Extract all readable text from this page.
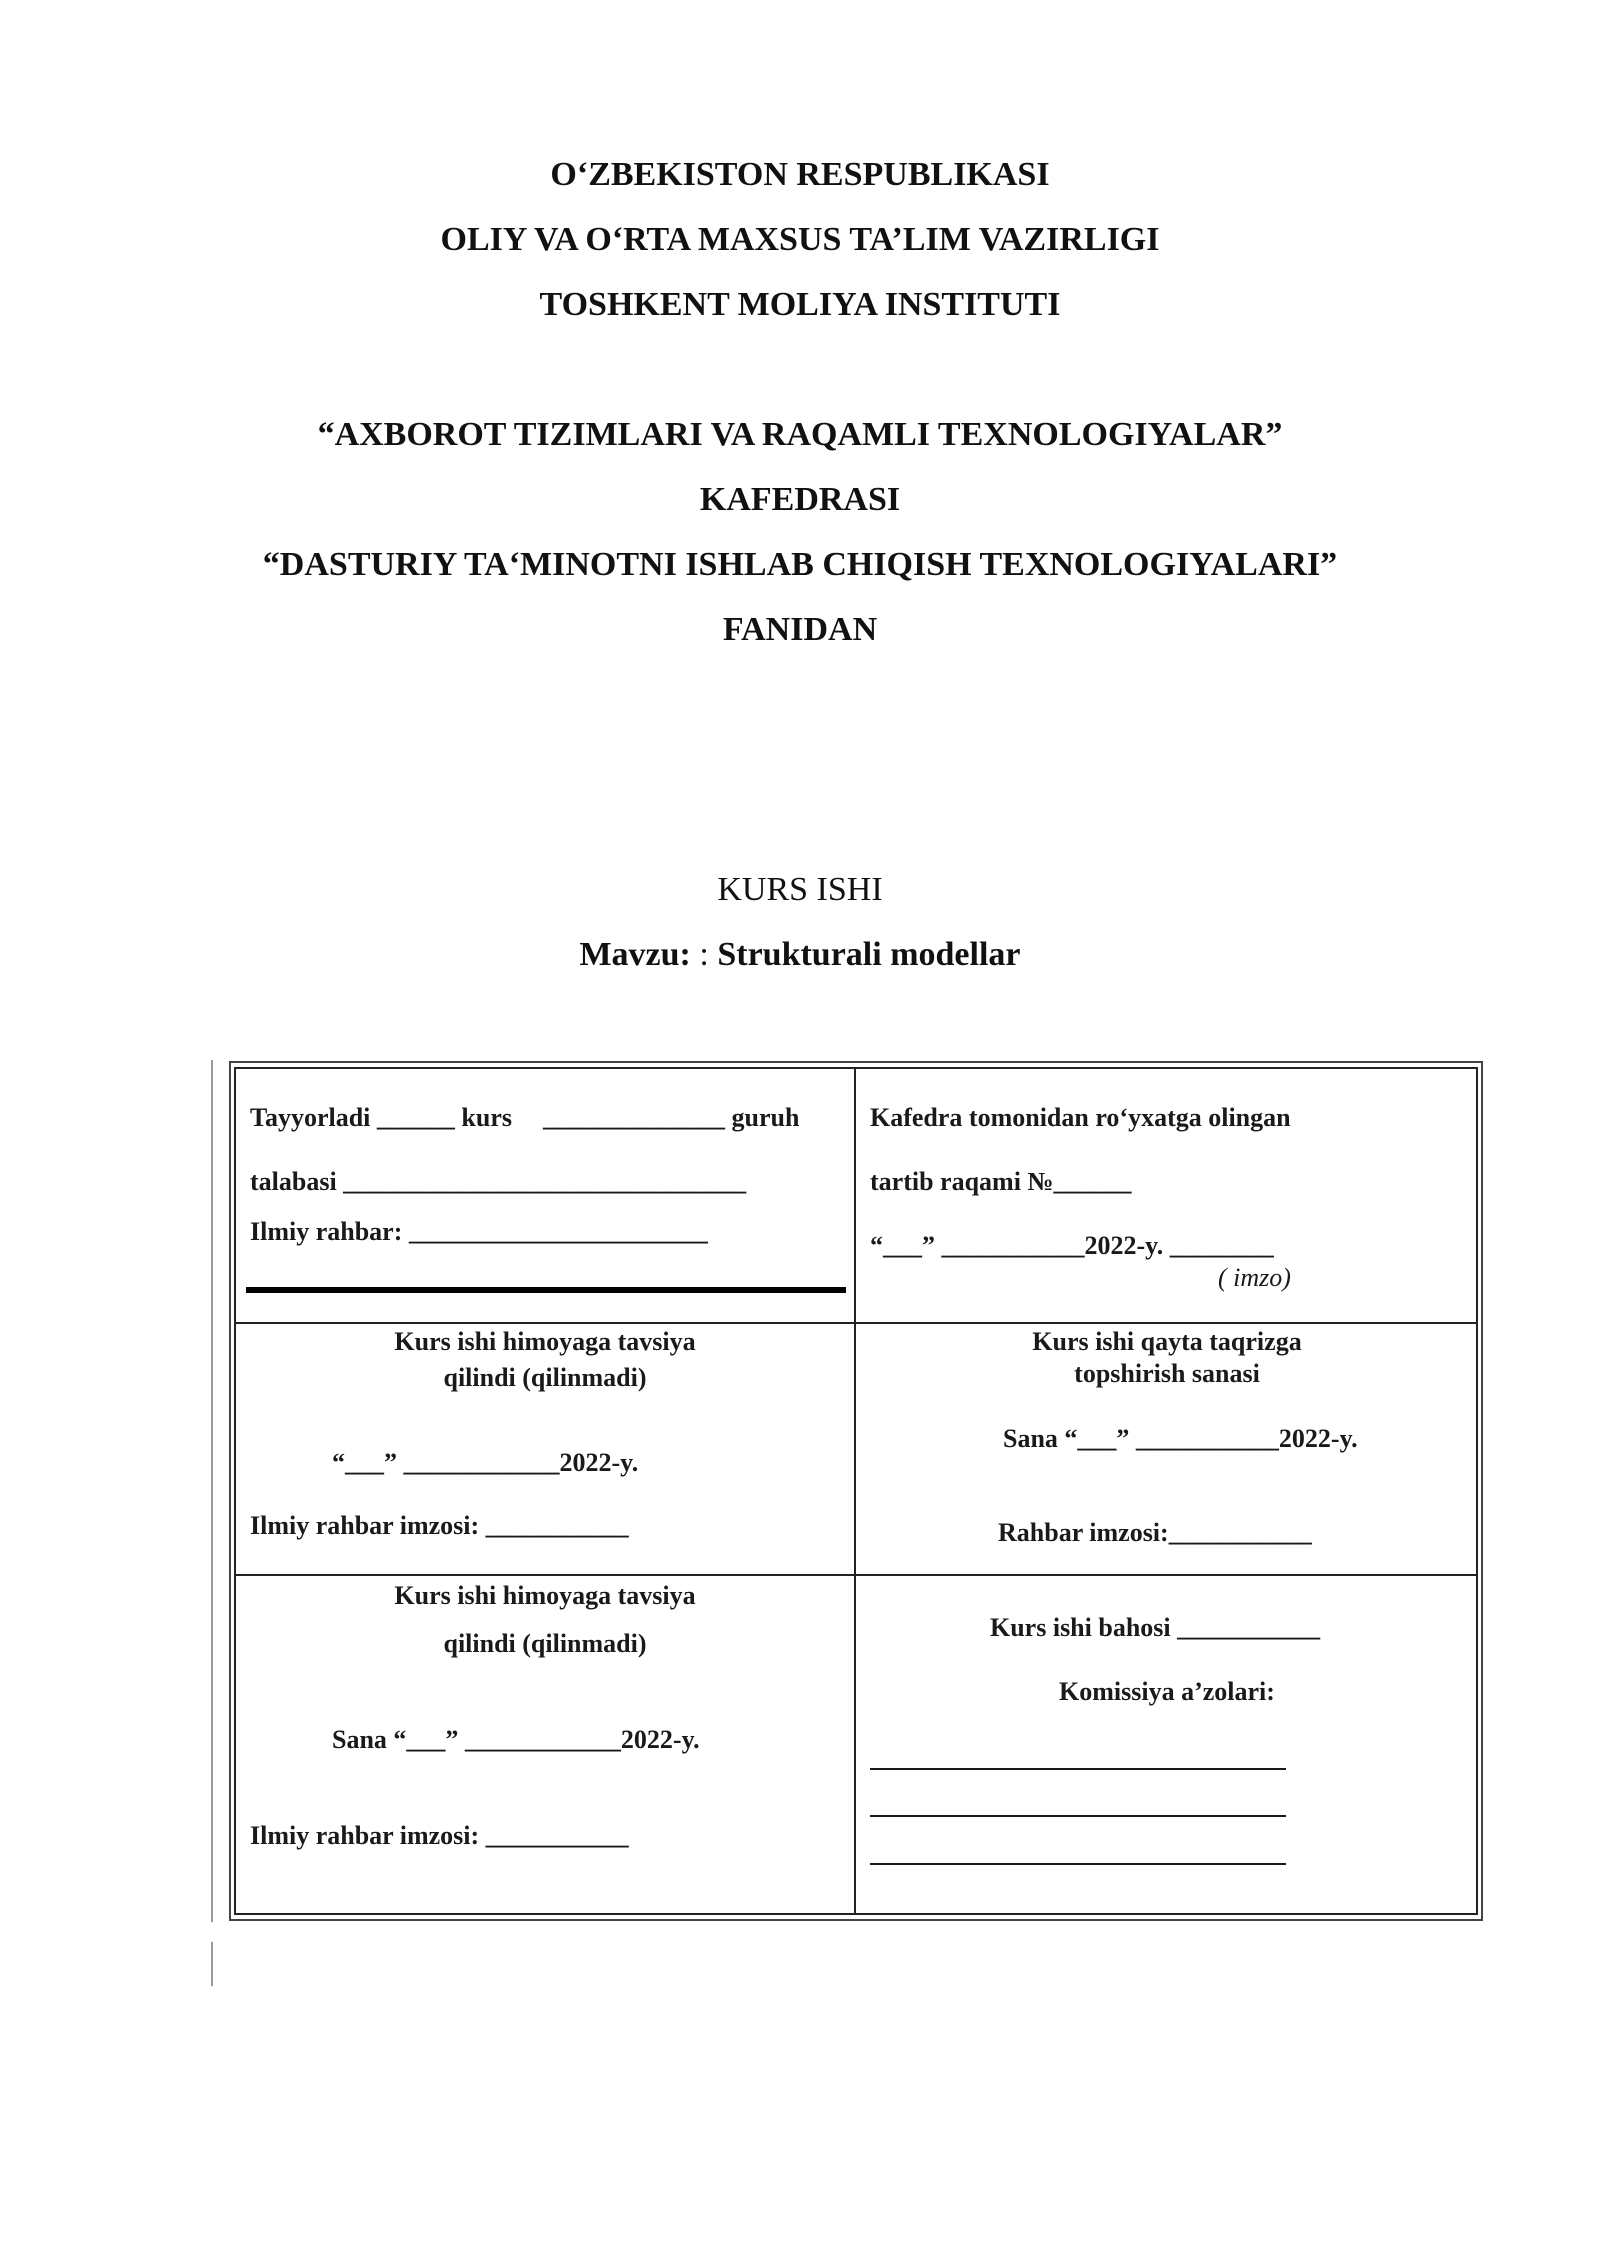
O‘ZBEKISTON RESPUBLIKASI
OLIY VA O‘RTA MAXSUS TA’LIM VAZIRLIGI
TOSHKENT MOLIYA INSTITUTI
“AXBOROT TIZIMLARI VA RAQAMLI TEXNOLOGIYALAR”
KAFEDRASI
“DASTURIY TA‘MINOTNI ISHLAB CHIQISH TEXNOLOGIYALARI”
FANIDAN
KURS ISHI
Mavzu: : Strukturali modellar
Tayyorladi ______ kurs ______________ guruh
talabasi _______________________________
Ilmiy rahbar: _______________________
Kafedra tomonidan ro‘yxatga olingan
tartib raqami №______
“___” ___________2022-y. ________
( imzo)
Kurs ishi himoyaga tavsiya
qilindi (qilinmadi)
“___” ____________2022-y.
Ilmiy rahbar imzosi: ___________
Kurs ishi qayta taqrizga
topshirish sanasi
Sana “___” ___________2022-y.
Rahbar imzosi:___________
Kurs ishi himoyaga tavsiya
qilindi (qilinmadi)
Sana “___” ____________2022-y.
Ilmiy rahbar imzosi: ___________
Kurs ishi bahosi ___________
Komissiya a’zolari:
